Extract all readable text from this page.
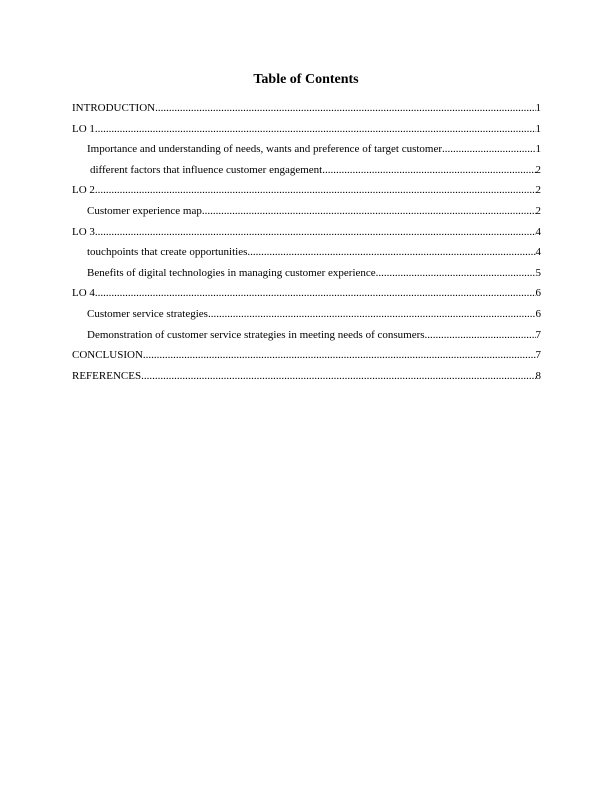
Table of Contents
INTRODUCTION .....	1
LO 1 .....	1
Importance and understanding of needs, wants and preference of target customer .....	1
different factors that influence customer engagement .....	2
LO 2 .....	2
Customer experience map .....	2
LO 3 .....	4
touchpoints that create opportunities .....	4
Benefits of digital technologies in managing customer experience .....	5
LO 4 .....	6
Customer service strategies .....	6
Demonstration of customer service strategies in meeting needs of consumers .....	7
CONCLUSION .....	7
REFERENCES .....	8
